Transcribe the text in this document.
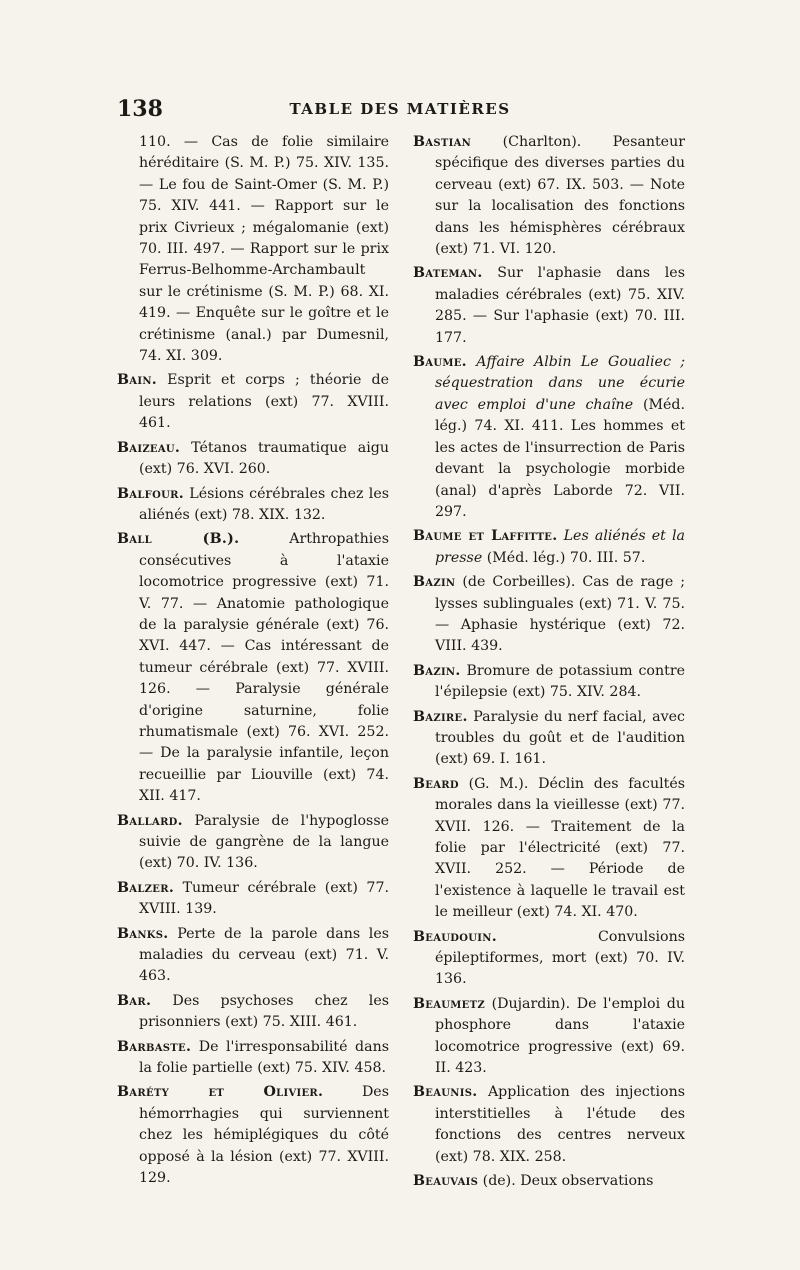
138	TABLE DES MATIÈRES

110. — Cas de folie similaire héréditaire (S. M. P.) 75. XIV. 135. — Le fou de Saint-Omer (S. M. P.) 75. XIV. 441. — Rapport sur le prix Civrieux ; mégalomanie (ext) 70. III. 497. — Rapport sur le prix Ferrus-Belhomme-Archambault sur le crétinisme (S. M. P.) 68. XI. 419. — Enquête sur le goître et le crétinisme (anal.) par Dumesnil, 74. XI. 309.

Bain. Esprit et corps ; théorie de leurs relations (ext) 77. XVIII. 461.

Baizeau. Tétanos traumatique aigu (ext) 76. XVI. 260.

Balfour. Lésions cérébrales chez les aliénés (ext) 78. XIX. 132.

Ball (B.).	Arthropathies consécutives à l'ataxie locomotrice progressive (ext) 71. V. 77. — Anatomie pathologique de la paralysie générale (ext) 76. XVI. 447. — Cas intéressant de tumeur cérébrale (ext) 77. XVIII. 126. — Paralysie générale d'origine saturnine, folie rhumatismale (ext) 76. XVI. 252. — De la paralysie infantile, leçon recueillie par Liouville (ext) 74. XII. 417.

Ballard. Paralysie de l'hypoglosse suivie de gangrène de la langue (ext) 70. IV. 136.

Balzer. Tumeur cérébrale (ext) 77. XVIII. 139.

Banks. Perte de la parole dans les maladies du cerveau (ext) 71. V. 463.

Bar. Des psychoses chez les prisonniers (ext) 75. XIII. 461.

Barbaste. De l'irresponsabilité dans la folie partielle (ext) 75. XIV. 458.

Baréty et Olivier.	Des hémorrhagies qui surviennent chez les hémiplégiques du côté opposé à la lésion (ext) 77. XVIII. 129.

Bastian (Charlton). Pesanteur spécifique des diverses parties du cerveau (ext) 67. IX. 503. — Note sur la localisation des fonctions dans les hémisphères cérébraux (ext) 71. VI. 120.

Bateman. Sur l'aphasie dans les maladies cérébrales (ext) 75. XIV. 285. — Sur l'aphasie (ext) 70. III. 177.

Baume. Affaire Albin Le Goualiec ; séquestration dans une écurie avec emploi d'une chaîne (Méd. lég.) 74. XI. 411. Les hommes et les actes de l'insurrection de Paris devant la psychologie morbide (anal) d'après Laborde 72. VII. 297.

Baume et Laffitte. Les aliénés et la presse (Méd. lég.) 70. III. 57.

Bazin (de Corbeilles). Cas de rage ; lysses sublinguales (ext) 71. V. 75. — Aphasie hystérique (ext) 72. VIII. 439.

Bazin. Bromure de potassium contre l'épilepsie (ext) 75. XIV. 284.

Bazire. Paralysie du nerf facial, avec troubles du goût et de l'audition (ext) 69. I. 161.

Beard (G. M.). Déclin des facultés morales dans la vieillesse (ext) 77. XVII. 126. — Traitement de la folie par l'électricité (ext) 77. XVII. 252. — Période de l'existence à laquelle le travail est le meilleur (ext) 74. XI. 470.

Beaudouin.	Convulsions épileptiformes, mort (ext) 70. IV. 136.

Beaumetz (Dujardin). De l'emploi du phosphore dans l'ataxie locomotrice progressive (ext) 69. II. 423.

Beaunis. Application des injections interstitielles à l'étude des fonctions des centres nerveux (ext) 78. XIX. 258.

Beauvais (de). Deux observations
